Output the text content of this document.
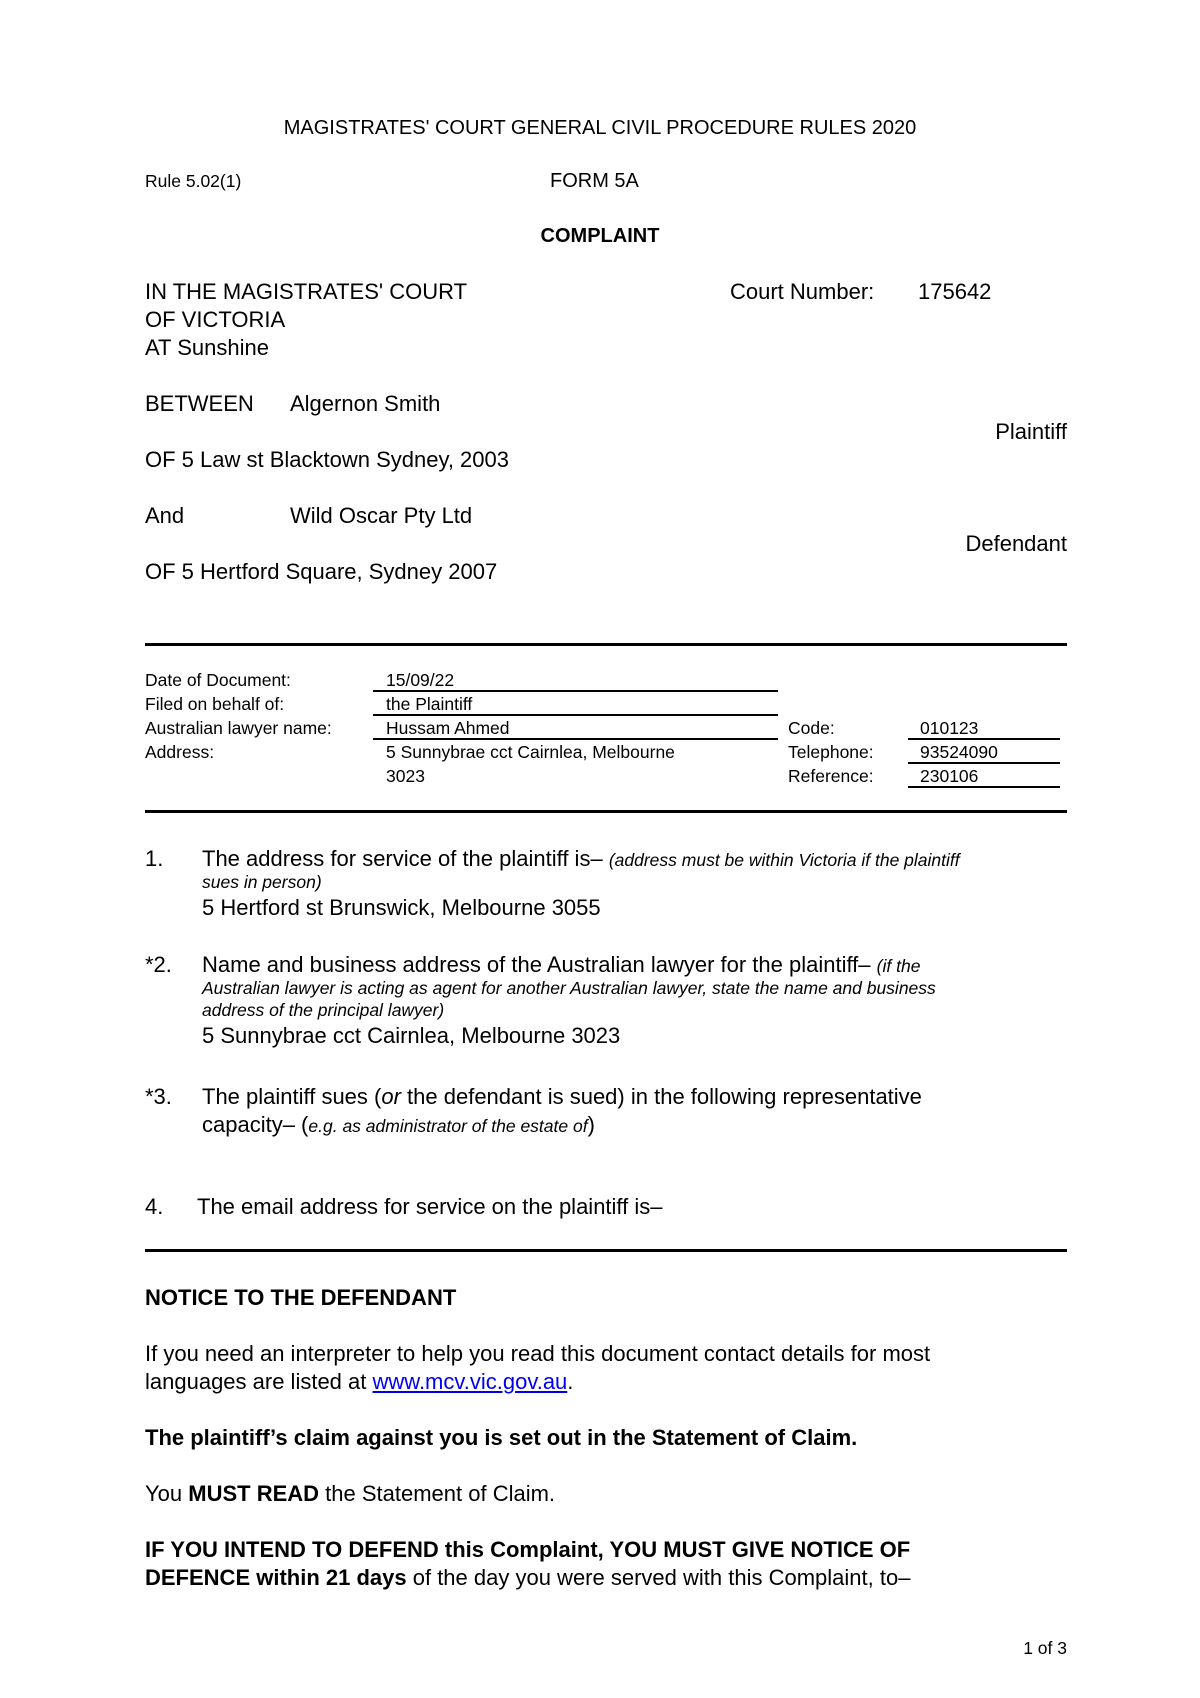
MAGISTRATES' COURT GENERAL CIVIL PROCEDURE RULES 2020
Rule 5.02(1)	FORM 5A
COMPLAINT
IN THE MAGISTRATES' COURT
OF VICTORIA
AT Sunshine
Court Number: 175642
BETWEEN Algernon Smith
Plaintiff
OF 5 Law st Blacktown Sydney, 2003
And	Wild Oscar Pty Ltd
Defendant
OF 5 Hertford Square, Sydney 2007
Date of Document:	15/09/22
Filed on behalf of:	the Plaintiff
Australian lawyer name:	Hussam Ahmed
Address:	5 Sunnybrae cct Cairnlea, Melbourne
3023
Code:	010123
Telephone:	93524090
Reference:	230106
1. The address for service of the plaintiff is– (address must be within Victoria if the plaintiff
sues in person)
5 Hertford st Brunswick, Melbourne 3055
*2. Name and business address of the Australian lawyer for the plaintiff– (if the
Australian lawyer is acting as agent for another Australian lawyer, state the name and business
address of the principal lawyer)
5 Sunnybrae cct Cairnlea, Melbourne 3023
*3. The plaintiff sues (or the defendant is sued) in the following representative
capacity– (e.g. as administrator of the estate of)
4. The email address for service on the plaintiff is–
NOTICE TO THE DEFENDANT
If you need an interpreter to help you read this document contact details for most
languages are listed at www.mcv.vic.gov.au.
The plaintiff’s claim against you is set out in the Statement of Claim.
You MUST READ the Statement of Claim.
IF YOU INTEND TO DEFEND this Complaint, YOU MUST GIVE NOTICE OF
DEFENCE within 21 days of the day you were served with this Complaint, to–
1 of 3
